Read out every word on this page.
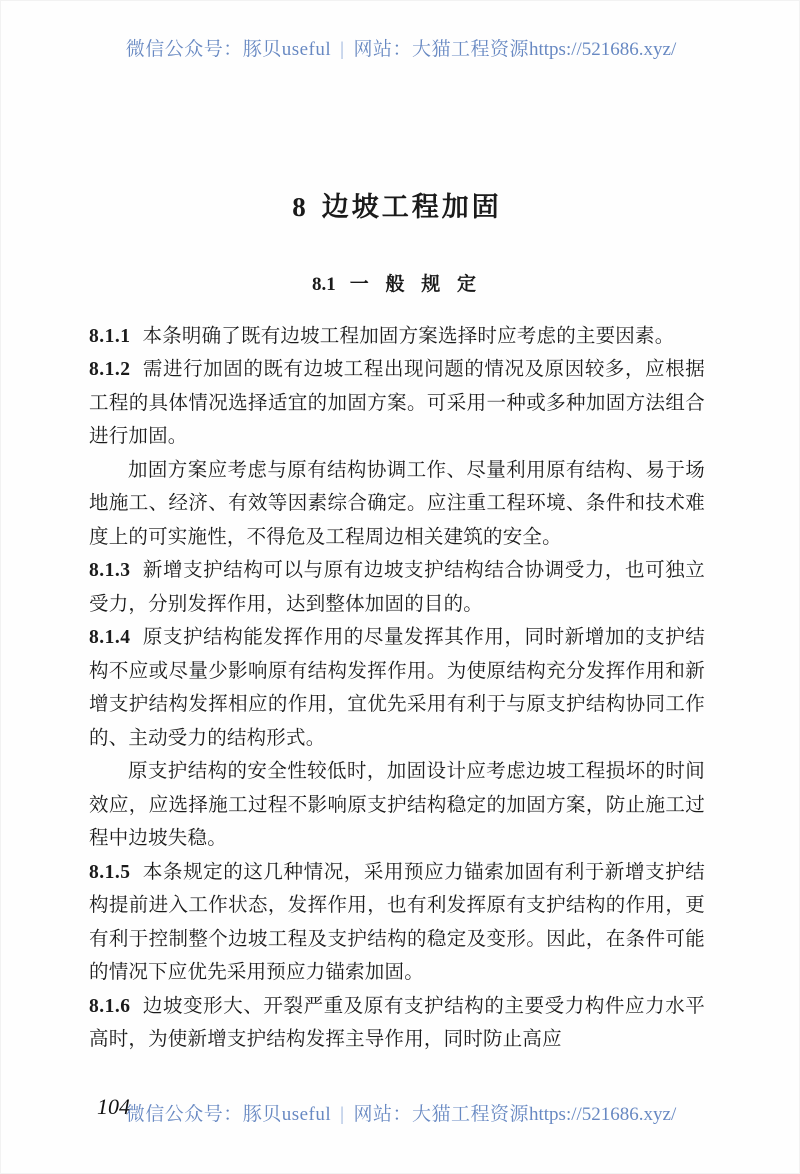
微信公众号：豚贝useful | 网站：大猫工程资源https://521686.xyz/
8 边坡工程加固
8.1 一 般 规 定

8.1.1 本条明确了既有边坡工程加固方案选择时应考虑的主要因素。

8.1.2 需进行加固的既有边坡工程出现问题的情况及原因较多，应根据工程的具体情况选择适宜的加固方案。可采用一种或多种加固方法组合进行加固。

加固方案应考虑与原有结构协调工作、尽量利用原有结构、易于场地施工、经济、有效等因素综合确定。应注重工程环境、条件和技术难度上的可实施性，不得危及工程周边相关建筑的安全。

8.1.3 新增支护结构可以与原有边坡支护结构结合协调受力，也可独立受力，分别发挥作用，达到整体加固的目的。

8.1.4 原支护结构能发挥作用的尽量发挥其作用，同时新增加的支护结构不应或尽量少影响原有结构发挥作用。为使原结构充分发挥作用和新增支护结构发挥相应的作用，宜优先采用有利于与原支护结构协同工作的、主动受力的结构形式。

原支护结构的安全性较低时，加固设计应考虑边坡工程损坏的时间效应，应选择施工过程不影响原支护结构稳定的加固方案，防止施工过程中边坡失稳。

8.1.5 本条规定的这几种情况，采用预应力锚索加固有利于新增支护结构提前进入工作状态，发挥作用，也有利发挥原有支护结构的作用，更有利于控制整个边坡工程及支护结构的稳定及变形。因此，在条件可能的情况下应优先采用预应力锚索加固。

8.1.6 边坡变形大、开裂严重及原有支护结构的主要受力构件应力水平高时，为使新增支护结构发挥主导作用，同时防止高应

104
微信公众号：豚贝useful | 网站：大猫工程资源https://521686.xyz/
